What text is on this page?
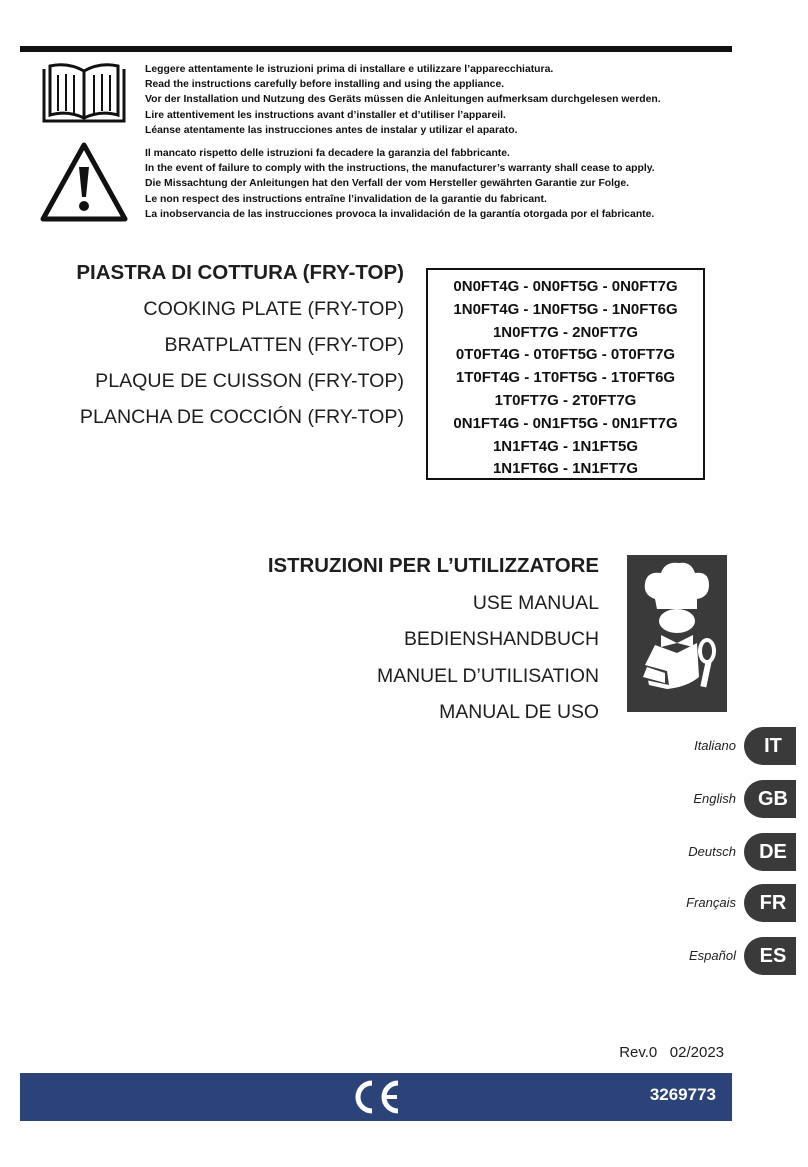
Leggere attentamente le istruzioni prima di installare e utilizzare l’apparecchiatura.
Read the instructions carefully before installing and using the appliance.
Vor der Installation und Nutzung des Geräts müssen die Anleitungen aufmerksam durchgelesen werden.
Lire attentivement les instructions avant d’installer et d’utiliser l’appareil.
Léanse atentamente las instrucciones antes de instalar y utilizar el aparato.
Il mancato rispetto delle istruzioni fa decadere la garanzia del fabbricante.
In the event of failure to comply with the instructions, the manufacturer’s warranty shall cease to apply.
Die Missachtung der Anleitungen hat den Verfall der vom Hersteller gewährten Garantie zur Folge.
Le non respect des instructions entraîne l’invalidation de la garantie du fabricant.
La inobservancia de las instrucciones provoca la invalidación de la garantía otorgada por el fabricante.
PIASTRA DI COTTURA (FRY-TOP)
COOKING PLATE (FRY-TOP)
BRATPLATTEN (FRY-TOP)
PLAQUE DE CUISSON (FRY-TOP)
PLANCHA DE COCCIÓN (FRY-TOP)
0N0FT4G - 0N0FT5G - 0N0FT7G
1N0FT4G - 1N0FT5G - 1N0FT6G
1N0FT7G - 2N0FT7G
0T0FT4G - 0T0FT5G - 0T0FT7G
1T0FT4G - 1T0FT5G - 1T0FT6G
1T0FT7G - 2T0FT7G
0N1FT4G - 0N1FT5G - 0N1FT7G
1N1FT4G - 1N1FT5G
1N1FT6G - 1N1FT7G
ISTRUZIONI PER L’UTILIZZATORE
USE MANUAL
BEDIENSHANDBUCH
MANUEL D’UTILISATION
MANUAL DE USO
Italiano	IT
English	GB
Deutsch	DE
Français	FR
Español	ES
Rev.0   02/2023
3269773
